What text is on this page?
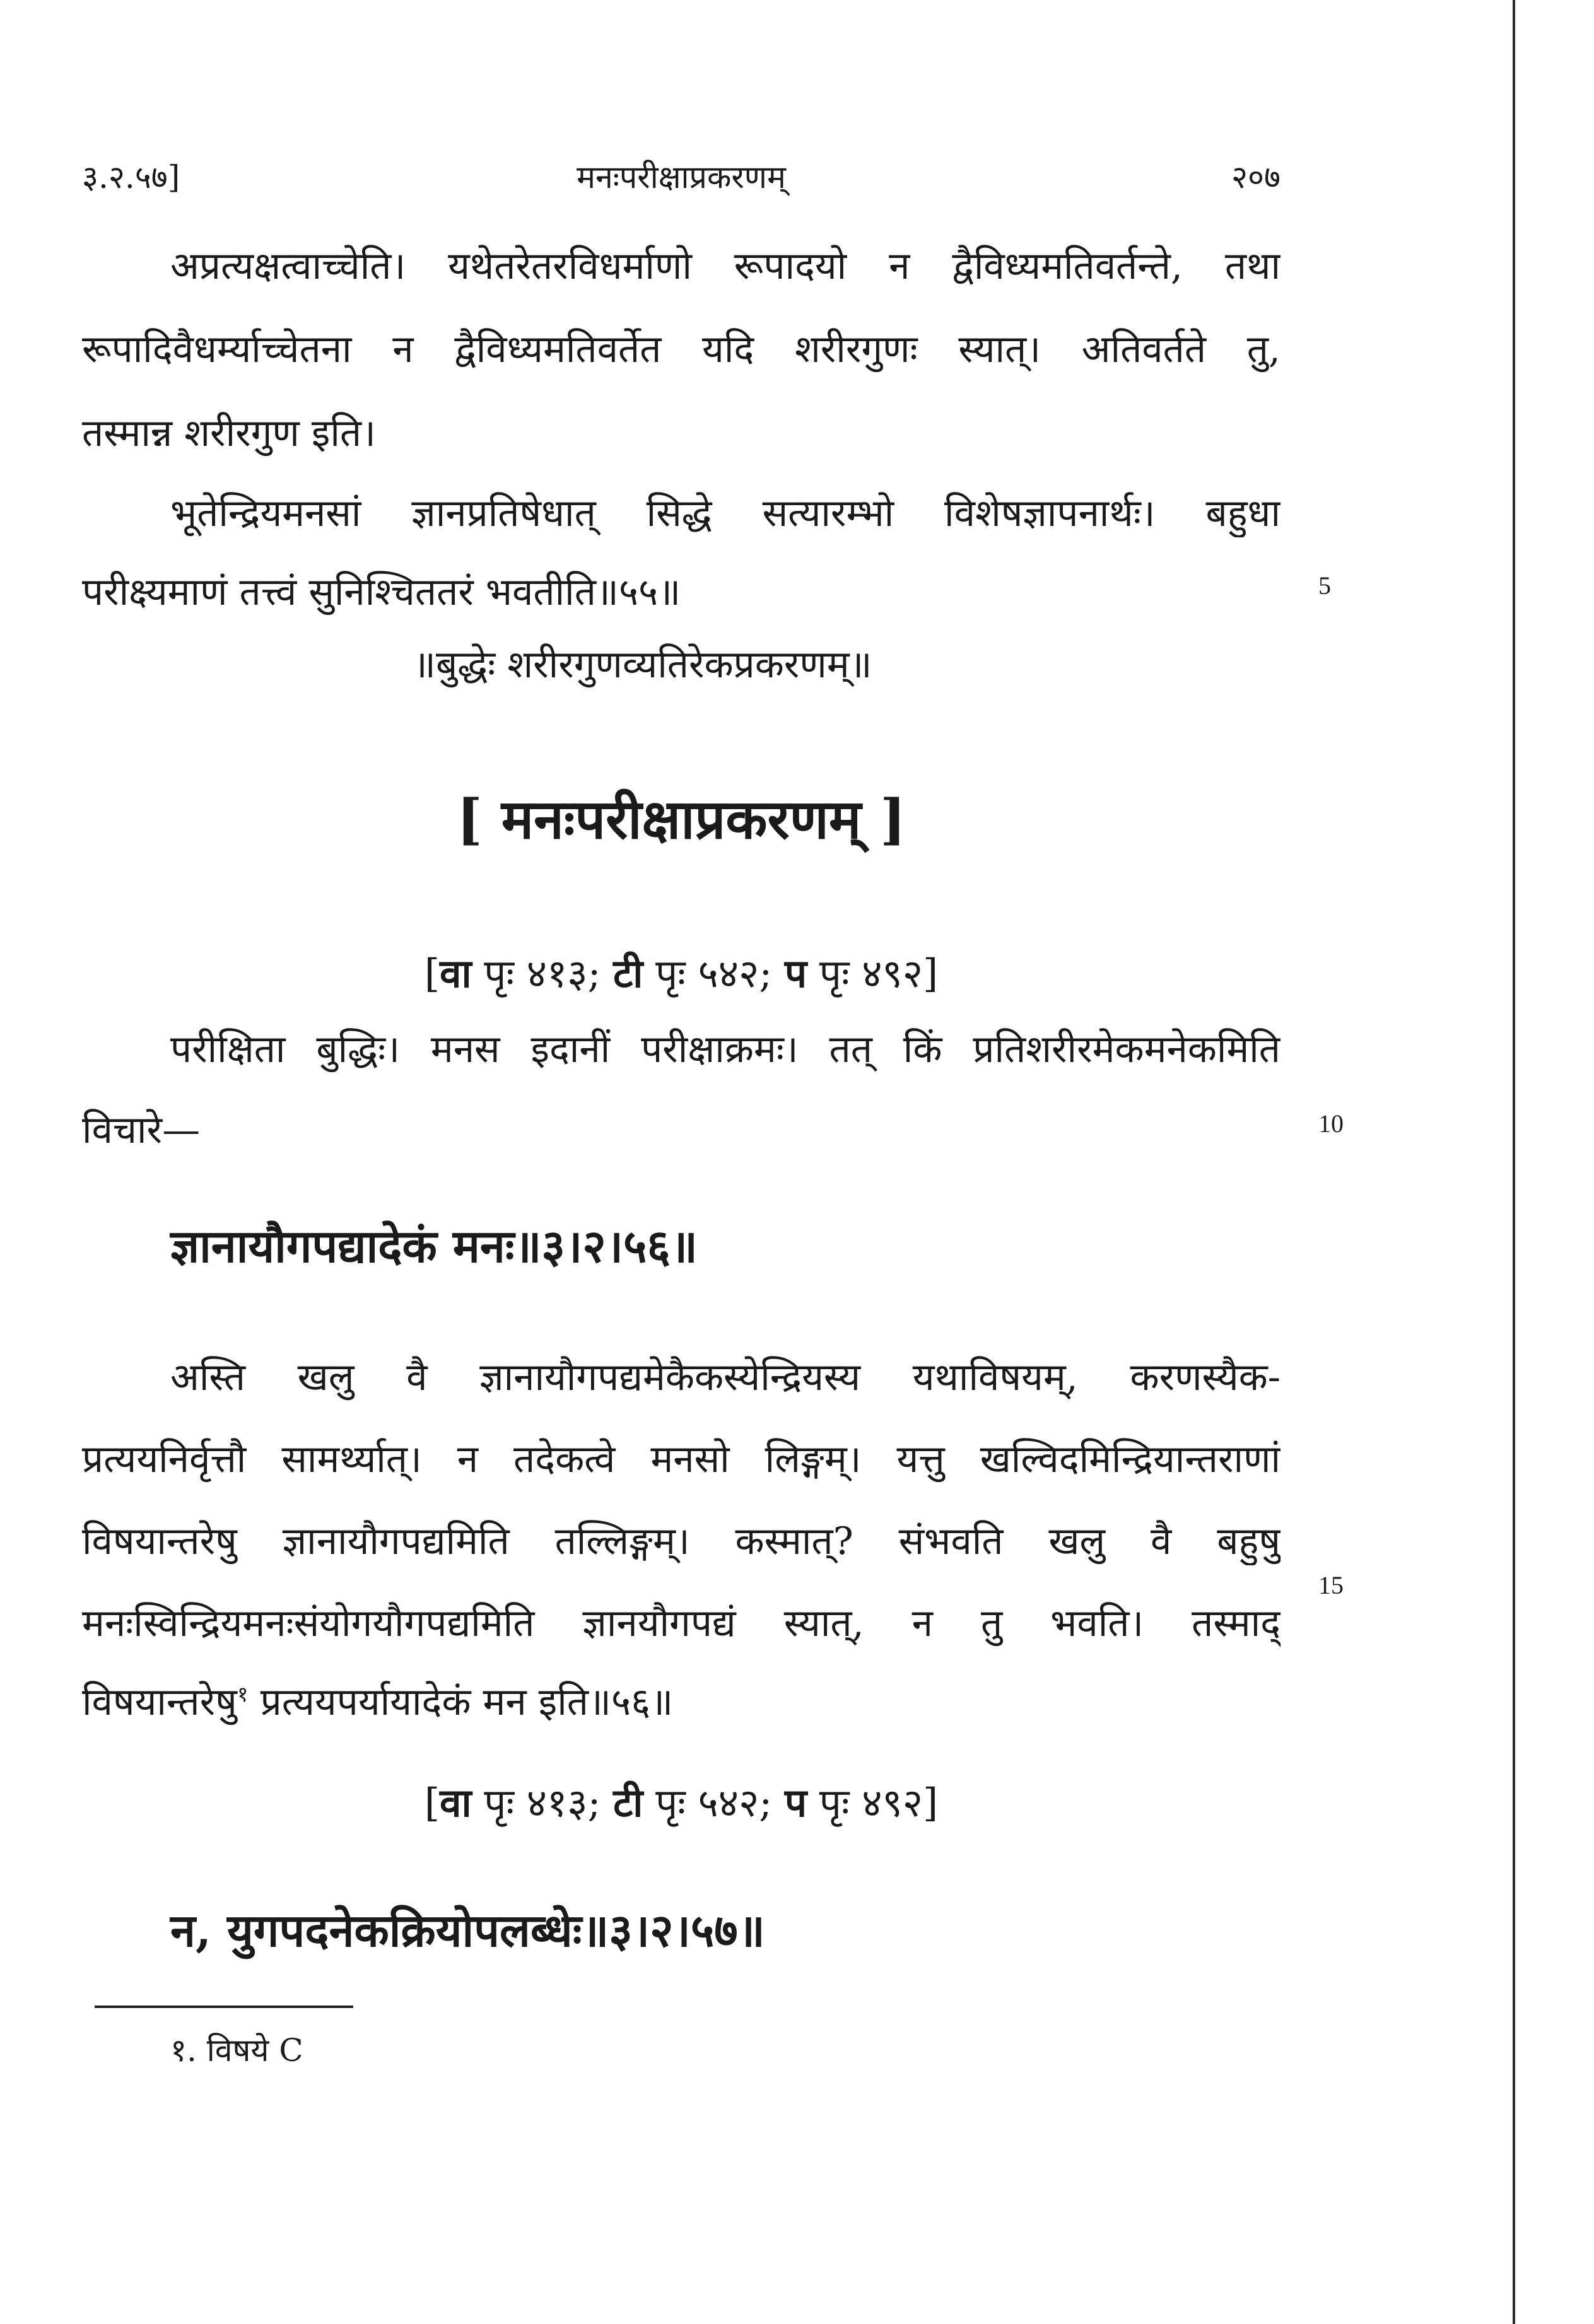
३.२.५७]	मनःपरीक्षाप्रकरणम्	२०७
अप्रत्यक्षत्वाच्चेति। यथेतरेतरविधर्माणो रूपादयो न द्वैविध्यमतिवर्तन्ते, तथा
रूपादिवैधर्म्याच्चेतना न द्वैविध्यमतिवर्तेत यदि शरीरगुणः स्यात्। अतिवर्तते तु,
तस्मान्न शरीरगुण इति।
भूतेन्द्रियमनसां ज्ञानप्रतिषेधात् सिद्धे सत्यारम्भो विशेषज्ञापनार्थः। बहुधा
परीक्ष्यमाणं तत्त्वं सुनिश्चिततरं भवतीति॥५५॥	5
॥बुद्धेः शरीरगुणव्यतिरेकप्रकरणम्॥
[ मनःपरीक्षाप्रकरणम् ]
[वा पृः ४१३; टी पृः ५४२; प पृः ४९२]
परीक्षिता बुद्धिः। मनस इदानीं परीक्षाक्रमः। तत् किं प्रतिशरीरमेकमनेकमिति
विचारे—	10
ज्ञानायौगपद्यादेकं मनः॥३।२।५६॥
अस्ति खलु वै ज्ञानायौगपद्यमेकैकस्येन्द्रियस्य यथाविषयम्, करणस्यैक-
प्रत्ययनिर्वृत्तौ सामर्थ्यात्। न तदेकत्वे मनसो लिङ्गम्। यत्तु खल्विदमिन्द्रियान्तराणां
विषयान्तरेषु ज्ञानायौगपद्यमिति तल्लिङ्गम्। कस्मात्? संभवति खलु वै बहुषु
मनःस्विन्द्रियमनःसंयोगयौगपद्यमिति ज्ञानयौगपद्यं स्यात्, न तु भवति। तस्माद्
15
विषयान्तरेषु$^१$ प्रत्ययपर्यायादेकं मन इति॥५६॥
[वा पृः ४१३; टी पृः ५४२; प पृः ४९२]
न, युगपदनेकक्रियोपलब्धेः॥३।२।५७॥
१. विषये C
